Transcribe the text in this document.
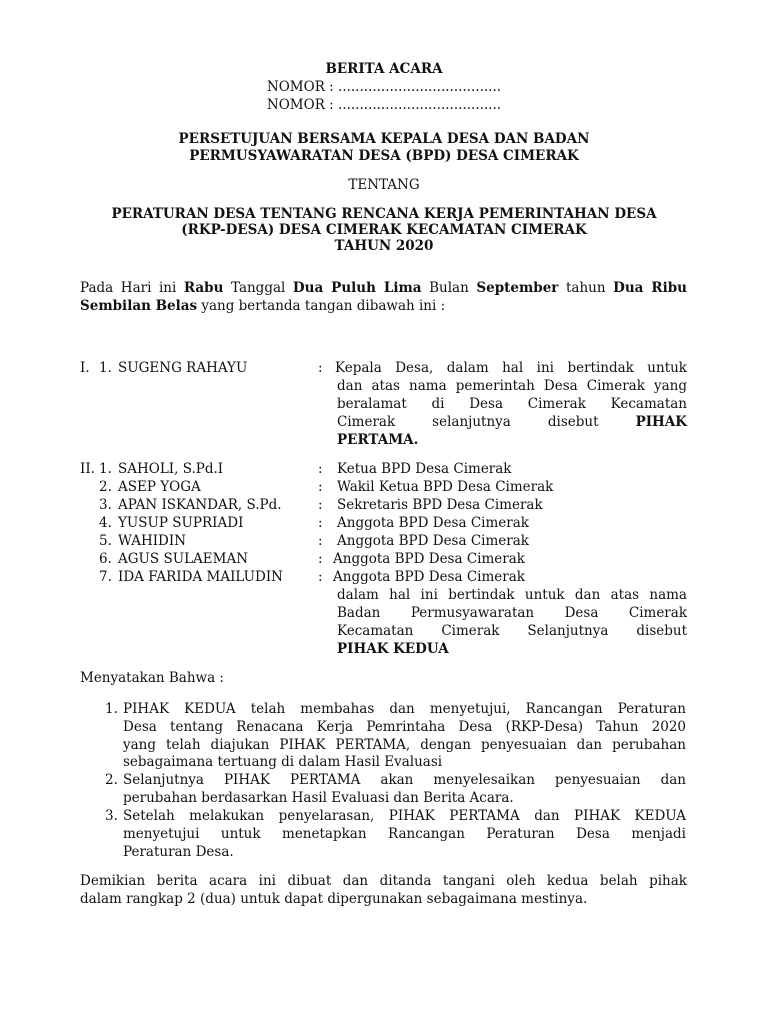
BERITA ACARA
NOMOR : ......................................
NOMOR : ......................................
PERSETUJUAN BERSAMA KEPALA DESA DAN BADAN
PERMUSYAWARATAN DESA (BPD) DESA CIMERAK
TENTANG
PERATURAN DESA TENTANG RENCANA KERJA PEMERINTAHAN DESA
(RKP-DESA) DESA CIMERAK KECAMATAN CIMERAK
TAHUN 2020
Pada Hari ini Rabu Tanggal Dua Puluh Lima Bulan September tahun Dua Ribu
Sembilan Belas yang bertanda tangan dibawah ini :
I. 1. SUGENG RAHAYU	: Kepala Desa, dalam hal ini bertindak untuk
dan atas nama pemerintah Desa Cimerak yang
beralamat di Desa Cimerak Kecamatan
Cimerak selanjutnya disebut PIHAK
PERTAMA.
II. 1. SAHOLI, S.Pd.I	: Ketua BPD Desa Cimerak
2. ASEP YOGA	: Wakil Ketua BPD Desa Cimerak
3. APAN ISKANDAR, S.Pd.	: Sekretaris BPD Desa Cimerak
4. YUSUP SUPRIADI	: Anggota BPD Desa Cimerak
5. WAHIDIN	: Anggota BPD Desa Cimerak
6. AGUS SULAEMAN	: Anggota BPD Desa Cimerak
7. IDA FARIDA MAILUDIN	: Anggota BPD Desa Cimerak
dalam hal ini bertindak untuk dan atas nama
Badan Permusyawaratan Desa Cimerak
Kecamatan Cimerak Selanjutnya disebut
PIHAK KEDUA
Menyatakan Bahwa :
1. PIHAK KEDUA telah membahas dan menyetujui, Rancangan Peraturan
Desa tentang Renacana Kerja Pemrintaha Desa (RKP-Desa) Tahun 2020
yang telah diajukan PIHAK PERTAMA, dengan penyesuaian dan perubahan
sebagaimana tertuang di dalam Hasil Evaluasi
2. Selanjutnya PIHAK PERTAMA akan menyelesaikan penyesuaian dan
perubahan berdasarkan Hasil Evaluasi dan Berita Acara.
3. Setelah melakukan penyelarasan, PIHAK PERTAMA dan PIHAK KEDUA
menyetujui untuk menetapkan Rancangan Peraturan Desa menjadi
Peraturan Desa.
Demikian berita acara ini dibuat dan ditanda tangani oleh kedua belah pihak
dalam rangkap 2 (dua) untuk dapat dipergunakan sebagaimana mestinya.
